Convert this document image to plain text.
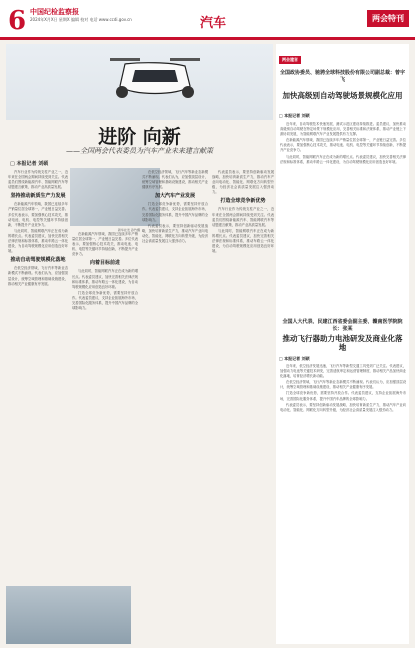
6 中国纪检监察报
2024年X月X日 星期X 编辑 校对 电话 www.ccdi.gov.cn	汽车	两会特刊
进阶 向新
——全国两会代表委员为汽车产业未来建言献策
□ 本报记者 刘硕

汽车行业作为传统支柱产业之一，近年来在全国两会期间持续受到关注。代表委员们围绕新能源汽车、智能网联汽车等话题建言献策，推动产业高质量发展。

坚持推动新质生产力发展

在新能源汽车领域，我国已连续多年产销量位居全球第一，产业链日益完善。多位代表表示，要加强核心技术攻关，推动电池、电机、电控等关键环节持续创新，不断提升产业竞争力。

与此同时，智能网联汽车正在成为新的增长点。代表委员建议，加快完善相关法律法规和标准体系，推动车路云一体化建设，为自动驾驶规模化应用创造良好环境。

推动自动驾驶规模化落地

在低空经济领域，飞行汽车等新业态新模式不断涌现。代表们认为，应加强顶层设计，统筹空域管理和基础设施建设，推动相关产业健康有序发展。

新华社发 孙竹摄

在新能源汽车领域，我国已连续多年产销量位居全球第一，产业链日益完善。多位代表表示，要加强核心技术攻关，推动电池、电机、电控等关键环节持续创新，不断提升产业竞争力。

向着目标前进

与此同时，智能网联汽车正在成为新的增长点。代表委员建议，加快完善相关法律法规和标准体系，推动车路云一体化建设，为自动驾驶规模化应用创造良好环境。

打造全球竞争新优势，需要坚持开放合作。代表委员建议，支持企业拓展海外市场，完善国际化服务体系，提升中国汽车品牌的全球影响力。

在低空经济领域，飞行汽车等新业态新模式不断涌现。代表们认为，应加强顶层设计，统筹空域管理和基础设施建设，推动相关产业健康有序发展。

加大汽车产业发展

打造全球竞争新优势，需要坚持开放合作。代表委员建议，支持企业拓展海外市场，完善国际化服务体系，提升中国汽车品牌的全球影响力。

代表委员表示，要坚持创新驱动发展战略，加快培育新质生产力，推动汽车产业向电动化、智能化、网联化方向转型升级，为经济社会高质量发展注入强劲动力。

代表委员表示，要坚持创新驱动发展战略，加快培育新质生产力，推动汽车产业向电动化、智能化、网联化方向转型升级，为经济社会高质量发展注入强劲动力。

打造全球竞争新优势

汽车行业作为传统支柱产业之一，近年来在全国两会期间持续受到关注。代表委员们围绕新能源汽车、智能网联汽车等话题建言献策，推动产业高质量发展。

与此同时，智能网联汽车正在成为新的增长点。代表委员建议，加快完善相关法律法规和标准体系，推动车路云一体化建设，为自动驾驶规模化应用创造良好环境。

两会建言
全国政协委员、驰骋全球科技股份有限公司副总裁：曾宇飞
加快高级别自动驾驶场景规模化应用
□ 本报记者 刘硕

近年来，自动驾驶技术快速发展，测试示范区建设持续推进。委员建议，加快推动高级别自动驾驶在特定场景下规模化应用，完善相关标准和法规体系，推动产业链上下游协同发展，为智能网联汽车产业发展提供有力支撑。

在新能源汽车领域，我国已连续多年产销量位居全球第一，产业链日益完善。多位代表表示，要加强核心技术攻关，推动电池、电机、电控等关键环节持续创新，不断提升产业竞争力。

与此同时，智能网联汽车正在成为新的增长点。代表委员建议，加快完善相关法律法规和标准体系，推动车路云一体化建设，为自动驾驶规模化应用创造良好环境。

全国人大代表、民建江西省委会副主委、赣南医学院院长：张某
推动飞行器助力电池研发及商业化落地
□ 本报记者 刘硕

近年来，低空经济发展迅速，飞行汽车等新型交通工具受到广泛关注。代表建议，加强动力电池等关键技术研发，完善适航审定和运营管理制度，推动相关产品加快商业化落地，培育经济增长新动能。

在低空经济领域，飞行汽车等新业态新模式不断涌现。代表们认为，应加强顶层设计，统筹空域管理和基础设施建设，推动相关产业健康有序发展。

打造全球竞争新优势，需要坚持开放合作。代表委员建议，支持企业拓展海外市场，完善国际化服务体系，提升中国汽车品牌的全球影响力。

代表委员表示，要坚持创新驱动发展战略，加快培育新质生产力，推动汽车产业向电动化、智能化、网联化方向转型升级，为经济社会高质量发展注入强劲动力。
